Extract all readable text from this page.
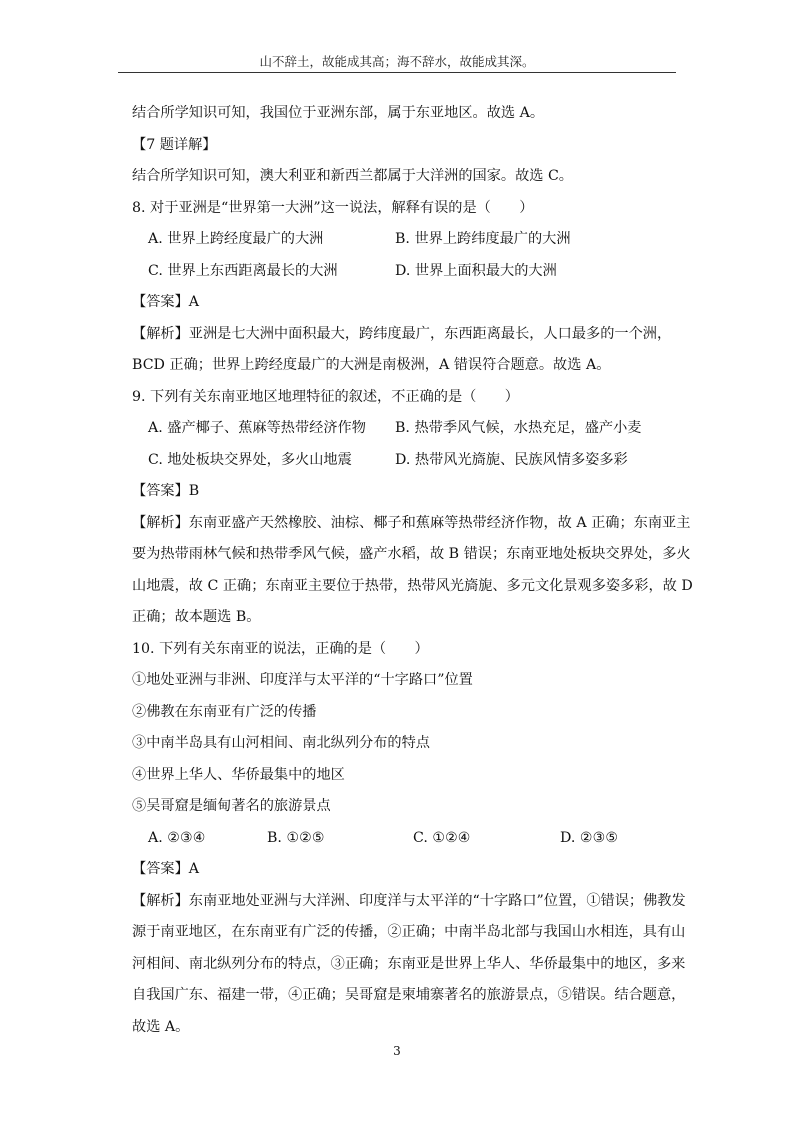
山不辞土，故能成其高；海不辞水，故能成其深。

结合所学知识可知，我国位于亚洲东部，属于东亚地区。故选 A。

【7 题详解】

结合所学知识可知，澳大利亚和新西兰都属于大洋洲的国家。故选 C。

8. 对于亚洲是“世界第一大洲”这一说法，解释有误的是（　　）

A. 世界上跨经度最广的大洲	B. 世界上跨纬度最广的大洲
C. 世界上东西距离最长的大洲	D. 世界上面积最大的大洲

【答案】A

【解析】亚洲是七大洲中面积最大，跨纬度最广，东西距离最长，人口最多的一个洲，

BCD 正确；世界上跨经度最广的大洲是南极洲，A 错误符合题意。故选 A。

9. 下列有关东南亚地区地理特征的叙述，不正确的是（　　）

A. 盛产椰子、蕉麻等热带经济作物	B. 热带季风气候，水热充足，盛产小麦
C. 地处板块交界处，多火山地震	D. 热带风光旖旎、民族风情多姿多彩

【答案】B

【解析】东南亚盛产天然橡胶、油棕、椰子和蕉麻等热带经济作物，故 A 正确；东南亚主

要为热带雨林气候和热带季风气候，盛产水稻，故 B 错误；东南亚地处板块交界处，多火

山地震，故 C 正确；东南亚主要位于热带，热带风光旖旎、多元文化景观多姿多彩，故 D

正确；故本题选 B。

10. 下列有关东南亚的说法，正确的是（　　）

①地处亚洲与非洲、印度洋与太平洋的“十字路口”位置

②佛教在东南亚有广泛的传播

③中南半岛具有山河相间、南北纵列分布的特点

④世界上华人、华侨最集中的地区

⑤吴哥窟是缅甸著名的旅游景点

A. ②③④	B. ①②⑤	C. ①②④	D. ②③⑤

【答案】A

【解析】东南亚地处亚洲与大洋洲、印度洋与太平洋的“十字路口”位置，①错误；佛教发

源于南亚地区，在东南亚有广泛的传播，②正确；中南半岛北部与我国山水相连，具有山

河相间、南北纵列分布的特点，③正确；东南亚是世界上华人、华侨最集中的地区，多来

自我国广东、福建一带，④正确；吴哥窟是柬埔寨著名的旅游景点，⑤错误。结合题意，

故选 A。

3
